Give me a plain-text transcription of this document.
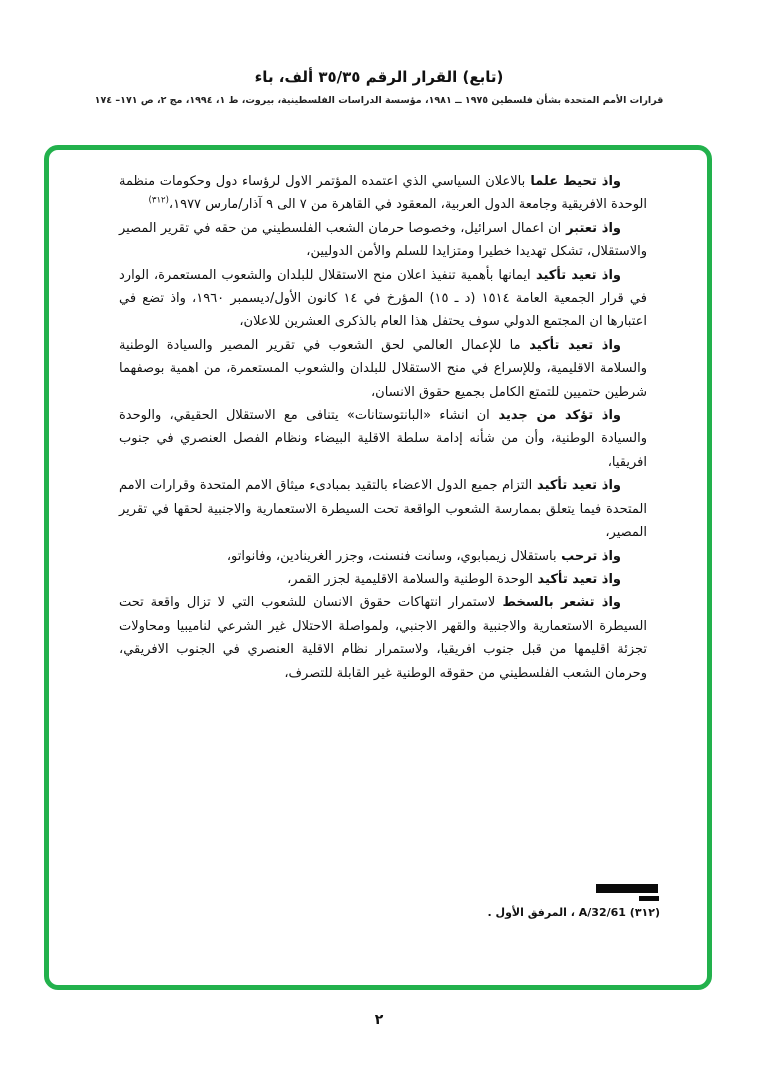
(تابع) القرار الرقم ٣٥/٣٥ ألف، باء
قرارات الأمم المتحدة بشأن فلسطين ١٩٧٥ ــ ١٩٨١، مؤسسة الدراسات الفلسطينية، بيروت، ط ١، ١٩٩٤، مج ٢، ص ١٧١– ١٧٤

واذ تحيط علما بالاعلان السياسي الذي اعتمده المؤتمر الاول لرؤساء دول وحكومات منظمة الوحدة الافريقية وجامعة الدول العربية، المعقود في القاهرة من ٧ الى ٩ آذار/مارس ١٩٧٧،$^{(٣١٢)}$

واذ تعتبر ان اعمال اسرائيل، وخصوصا حرمان الشعب الفلسطيني من حقه في تقرير المصير والاستقلال، تشكل تهديدا خطيرا ومتزايدا للسلم والأمن الدوليين،

واذ تعيد تأكيد ايمانها بأهمية تنفيذ اعلان منح الاستقلال للبلدان والشعوب المستعمرة، الوارد في قرار الجمعية العامة ١٥١٤ (د ـ ١٥) المؤرخ في ١٤ كانون الأول/ديسمبر ١٩٦٠، واذ تضع في اعتبارها ان المجتمع الدولي سوف يحتفل هذا العام بالذكرى العشرين للاعلان،

واذ تعيد تأكيد ما للإعمال العالمي لحق الشعوب في تقرير المصير والسيادة الوطنية والسلامة الاقليمية، وللإسراع في منح الاستقلال للبلدان والشعوب المستعمرة، من اهمية بوصفهما شرطين حتميين للتمتع الكامل بجميع حقوق الانسان،

واذ تؤكد من جديد ان انشاء «البانتوستانات» يتنافى مع الاستقلال الحقيقي، والوحدة والسيادة الوطنية، وأن من شأنه إدامة سلطة الاقلية البيضاء ونظام الفصل العنصري في جنوب افريقيا،

واذ تعيد تأكيد التزام جميع الدول الاعضاء بالتقيد بمبادىء ميثاق الامم المتحدة وقرارات الامم المتحدة فيما يتعلق بممارسة الشعوب الواقعة تحت السيطرة الاستعمارية والاجنبية لحقها في تقرير المصير،

واذ ترحب باستقلال زيمبابوي، وسانت فنسنت، وجزر الغرينادين، وفانواتو،

واذ تعيد تأكيد الوحدة الوطنية والسلامة الاقليمية لجزر القمر،

واذ تشعر بالسخط لاستمرار انتهاكات حقوق الانسان للشعوب التي لا تزال واقعة تحت السيطرة الاستعمارية والاجنبية والقهر الاجنبي، ولمواصلة الاحتلال غير الشرعي لناميبيا ومحاولات تجزئة اقليمها من قبل جنوب افريقيا، ولاستمرار نظام الاقلية العنصري في الجنوب الافريقي، وحرمان الشعب الفلسطيني من حقوقه الوطنية غير القابلة للتصرف،

(٣١٢) A/32/61 ، المرفق الأول .
٢
